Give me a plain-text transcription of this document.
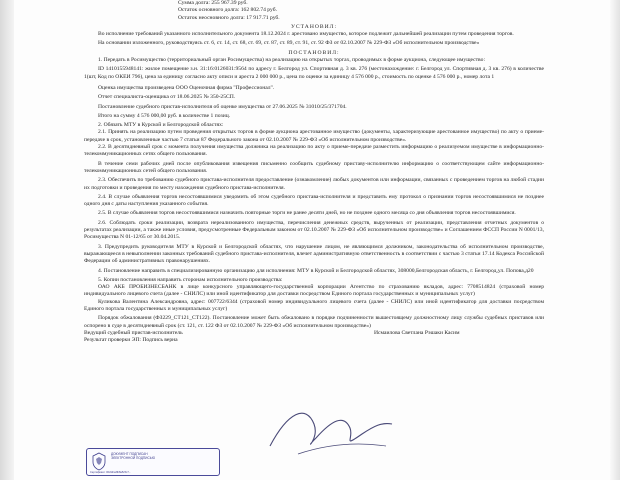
Сумма долга: 255 967.39 руб.
Остаток основного долга: 162 802.74 руб.
Остаток неосновного долга: 17 917.71 руб.
УСТАНОВИЛ:
Во исполнение требований указанного исполнительного документа 18.12.2024 г. арестовано имущество, которое подлежит дальнейшей реализации путем проведения торгов.
На основании изложенного, руководствуясь ст. 6, ст. 14, ст. 68, ст. 69, ст. 87, ст. 89, ст. 91, ст. 92 ФЗ от 02.10.2007 № 229-ФЗ «Об исполнительном производстве»
ПОСТАНОВИЛ:
1. Передать в Росимущество (территориальный орган Росимущества) на реализацию на открытых торгах, проводимых в форме аукциона, следующее имущество:
ID 1410155948141: жилое помещение з.н. 31:16:0126031:9564 по адресу г. Белгород ул. Спортивная д. 3 кв. 276 (местонахождение: г. Белгород ул. Спортивная д. 3 кв. 276) в количестве 1(шт, Код по ОКЕИ 796), цена за единицу согласно акту описи и ареста 2 000 000 р., цена по оценке за единицу 4 576 000 р., стоимость по оценке 4 576 000 р., номер лота 1
Оценка имущества произведена ООО Оценочная фирма "Профессионал".
Отчет специалиста-оценщика от 18.06.2025 № 350-25СП.
Постановление судебного пристав-исполнителя об оценке имущества от 27.06.2025 № 31010/25/371704.
Итого на сумму 4 576 000,00 руб. в количестве 1 позиц.
2. Обязать МТУ в Курской и Белгородской областях:
2.1. Принять на реализацию путем проведения открытых торгов в форме аукциона арестованное имущество (документы, характеризующие арестованное имущество) по акту о приеме-передаче в срок, установленные частью 7 статьи 87 Федерального закона от 02.10.2007 № 229-ФЗ «Об исполнительном производстве».
2.2. В десятидневный срок с момента получения имущества должника на реализацию по акту о приеме-передаче разместить информацию о реализуемом имуществе в информационно-телекоммуникационных сетях общего пользования.
В течение семи рабочих дней после опубликования извещения письменно сообщить судебному приставу-исполнителю информацию о соответствующем сайте информационно-телекоммуникационных сетей общего пользования.
2.3. Обеспечить по требованию судебного пристава-исполнителя предоставление (ознакомление) любых документов или информации, связанных с проведением торгов на любой стадии их подготовки и проведения по месту нахождения судебного пристава-исполнителя.
2.4. В случае объявления торгов несостоявшимися уведомить об этом судебного пристава-исполнителя и представить ему протокол о признании торгов несостоявшимися не позднее одного дня с даты наступления указанного события.
2.5. В случае объявления торгов несостоявшимися назначить повторные торги не ранее десяти дней, но не позднее одного месяца со дня объявления торгов несостоявшимися.
2.6. Соблюдать сроки реализации, возврата нереализованного имущества, перечисления денежных средств, вырученных от реализации, представления отчетных документов о результатах реализации, а также иные условия, предусмотренные Федеральным законом от 02.10.2007 № 229-ФЗ «Об исполнительном производстве» и Соглашением ФССП России N 0001/13, Росимущества N 01-12/65 от 30.04.2015.
3. Предупредить руководителя МТУ в Курской и Белгородской областях, что нарушение лицом, не являющимся должником, законодательства об исполнительном производстве, выражающееся в невыполнении законных требований судебного пристава-исполнителя, влечет административную ответственность в соответствии с частью 3 статьи 17.14 Кодекса Российской Федерации об административных правонарушениях.
4. Постановление направить в специализированную организацию для исполнения: МТУ в Курской и Белгородской областях, 308000,Белгородская область, г. Белгород,ул. Попова,д20
5. Копии постановления направить сторонам исполнительного производства:
ОАО АКБ ПРОБИЗНЕСБАНК в лице конкурсного управляющего-государственной корпорации Агентство по страхованию вкладов, адрес: 7708514824 (страховой номер индивидуального лицевого счета (далее - СНИЛС) или иной идентификатор для доставки посредством Единого портала государственных и муниципальных услуг)
Куликова Валентина Александровна, адрес: 007722/6344 (страховой номер индивидуального лицевого счета (далее - СНИЛС) или иной идентификатор для доставки посредством Единого портала государственных и муниципальных услуг)
Порядок обжалования (ФЗ229_СТ121_СТ122). Постановление может быть обжаловано в порядке подчиненности вышестоящему должностному лицу службы судебных приставов или оспорено в суде в десятидневный срок (ст. 121, ст. 122 ФЗ от 02.10.2007 № 229-ФЗ «Об исполнительном производстве»)
Ведущий судебный пристав-исполнитель	Исмаилова Светлана Рэшаки Касим
Результат проверки ЭП: Подпись верна
ДОКУМЕНТ ПОДПИСАН
ЭЛЕКТРОННОЙ ПОДПИСЬЮ
Сертификат: 00c9d1e8b8a5c5c7...
